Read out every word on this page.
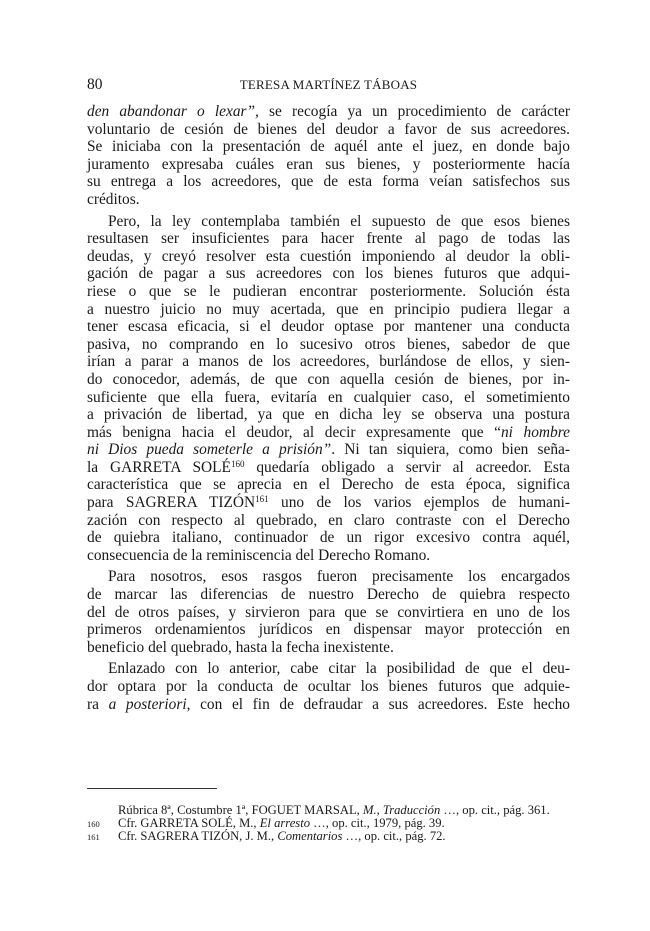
80	TERESA MARTÍNEZ TÁBOAS
den abandonar o lexar”, se recogía ya un procedimiento de carácter
voluntario de cesión de bienes del deudor a favor de sus acreedores.
Se iniciaba con la presentación de aquél ante el juez, en donde bajo
juramento expresaba cuáles eran sus bienes, y posteriormente hacía
su entrega a los acreedores, que de esta forma veían satisfechos sus
créditos.
Pero, la ley contemplaba también el supuesto de que esos bienes
resultasen ser insuficientes para hacer frente al pago de todas las
deudas, y creyó resolver esta cuestión imponiendo al deudor la obli-
gación de pagar a sus acreedores con los bienes futuros que adqui-
riese o que se le pudieran encontrar posteriormente. Solución ésta
a nuestro juicio no muy acertada, que en principio pudiera llegar a
tener escasa eficacia, si el deudor optase por mantener una conducta
pasiva, no comprando en lo sucesivo otros bienes, sabedor de que
irían a parar a manos de los acreedores, burlándose de ellos, y sien-
do conocedor, además, de que con aquella cesión de bienes, por in-
suficiente que ella fuera, evitaría en cualquier caso, el sometimiento
a privación de libertad, ya que en dicha ley se observa una postura
más benigna hacia el deudor, al decir expresamente que “ni hombre
ni Dios pueda someterle a prisión”. Ni tan siquiera, como bien seña-
la GARRETA SOLÉ$^{160}$ quedaría obligado a servir al acreedor. Esta
característica que se aprecia en el Derecho de esta época, significa
para SAGRERA TIZÓN$^{161}$ uno de los varios ejemplos de humani-
zación con respecto al quebrado, en claro contraste con el Derecho
de quiebra italiano, continuador de un rigor excesivo contra aquél,
consecuencia de la reminiscencia del Derecho Romano.
Para nosotros, esos rasgos fueron precisamente los encargados
de marcar las diferencias de nuestro Derecho de quiebra respecto
del de otros países, y sirvieron para que se convirtiera en uno de los
primeros ordenamientos jurídicos en dispensar mayor protección en
beneficio del quebrado, hasta la fecha inexistente.
Enlazado con lo anterior, cabe citar la posibilidad de que el deu-
dor optara por la conducta de ocultar los bienes futuros que adquie-
ra a posteriori, con el fin de defraudar a sus acreedores. Este hecho
Rúbrica 8ª, Costumbre 1ª, FOGUET MARSAL, M., Traducción …, op. cit., pág. 361.
160 Cfr. GARRETA SOLÉ, M., El arresto …, op. cit., 1979, pág. 39.
161 Cfr. SAGRERA TIZÓN, J. M., Comentarios …, op. cit., pág. 72.
